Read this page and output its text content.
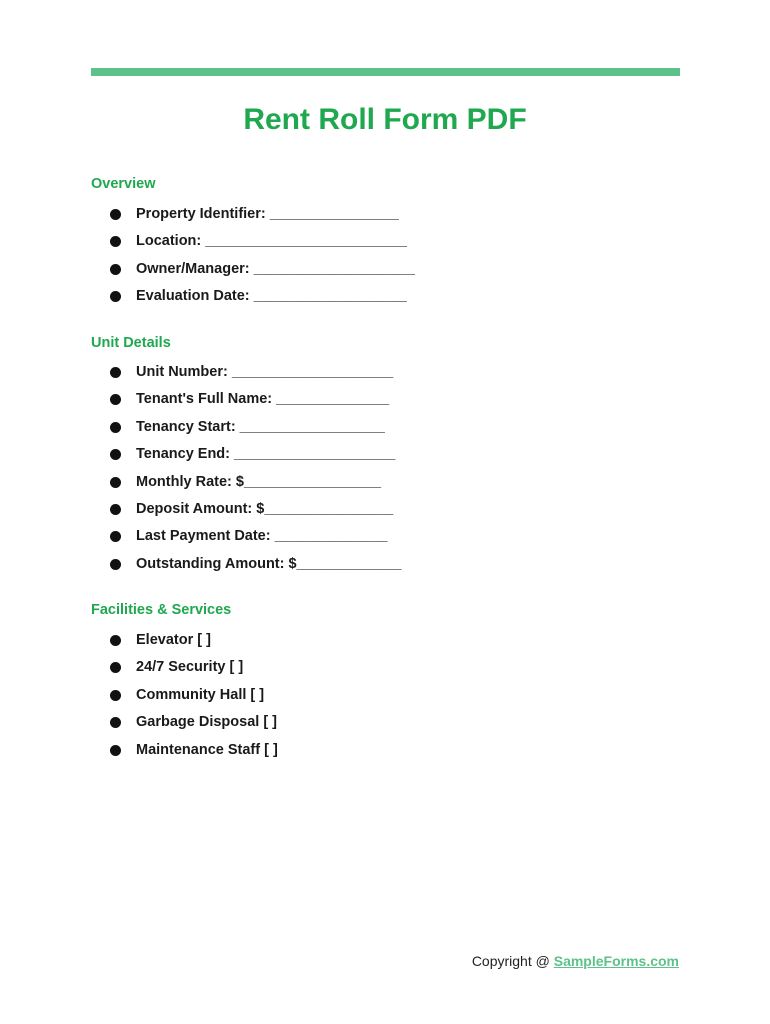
Rent Roll Form PDF
Overview
Property Identifier: ________________
Location: _________________________
Owner/Manager: ____________________
Evaluation Date: ___________________
Unit Details
Unit Number: ____________________
Tenant's Full Name: ______________
Tenancy Start: __________________
Tenancy End: ____________________
Monthly Rate: $_________________
Deposit Amount: $________________
Last Payment Date: ______________
Outstanding Amount: $_____________
Facilities & Services
Elevator [ ]
24/7 Security [ ]
Community Hall [ ]
Garbage Disposal [ ]
Maintenance Staff [ ]
Copyright @ SampleForms.com
